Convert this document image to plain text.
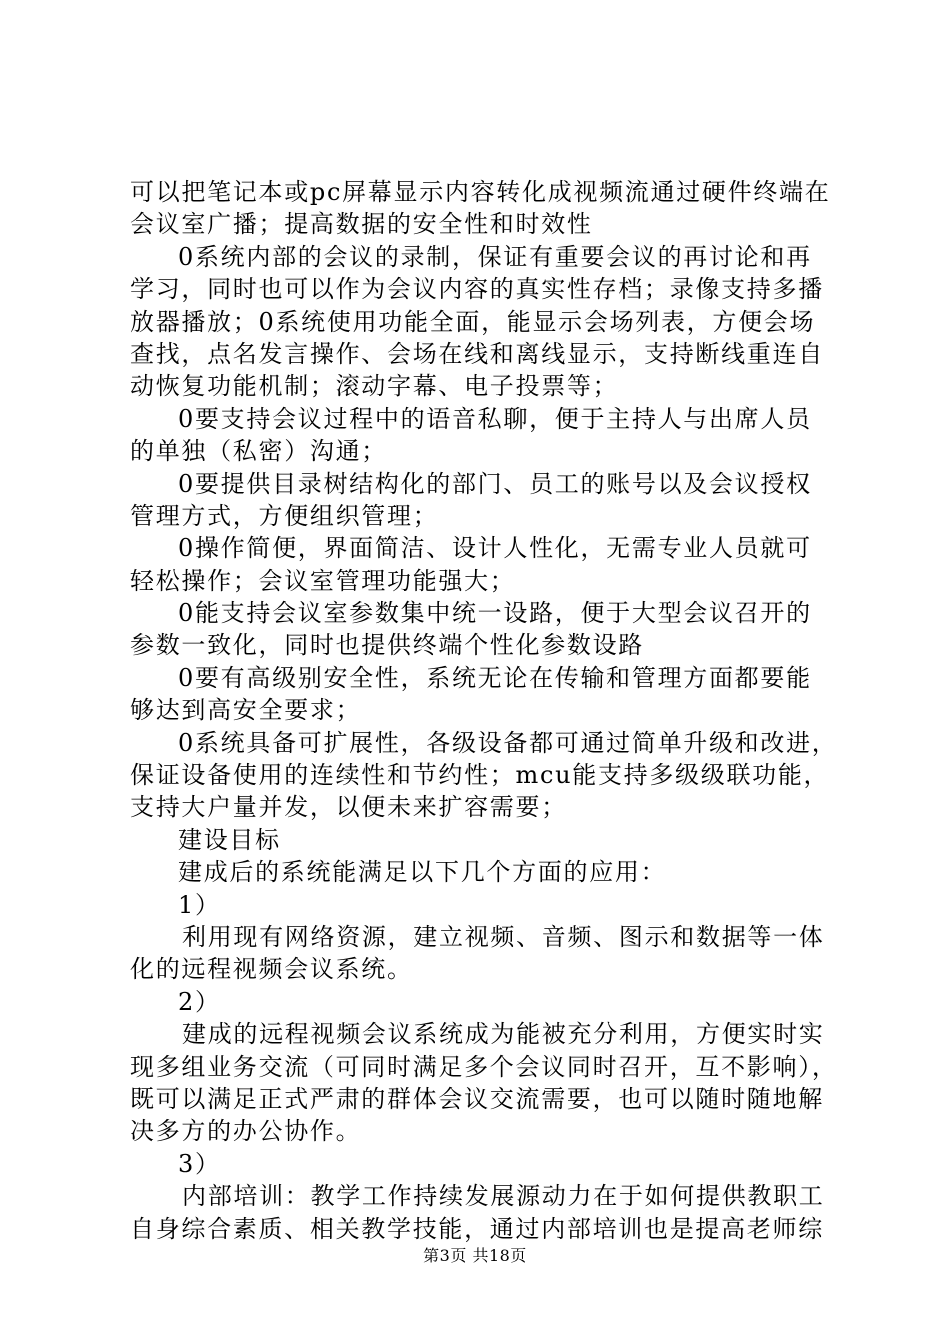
可以把笔记本或pc屏幕显示内容转化成视频流通过硬件终端在
会议室广播；提高数据的安全性和时效性
0系统内部的会议的录制，保证有重要会议的再讨论和再
学习，同时也可以作为会议内容的真实性存档；录像支持多播
放器播放；0系统使用功能全面，能显示会场列表，方便会场
查找，点名发言操作、会场在线和离线显示，支持断线重连自
动恢复功能机制；滚动字幕、电子投票等；
0要支持会议过程中的语音私聊，便于主持人与出席人员
的单独（私密）沟通；
0要提供目录树结构化的部门、员工的账号以及会议授权
管理方式，方便组织管理；
0操作简便，界面简洁、设计人性化，无需专业人员就可
轻松操作；会议室管理功能强大；
0能支持会议室参数集中统一设路，便于大型会议召开的
参数一致化，同时也提供终端个性化参数设路
0要有高级别安全性，系统无论在传输和管理方面都要能
够达到高安全要求；
0系统具备可扩展性，各级设备都可通过简单升级和改进，
保证设备使用的连续性和节约性；mcu能支持多级级联功能，
支持大户量并发，以便未来扩容需要；
建设目标
建成后的系统能满足以下几个方面的应用：
1）
利用现有网络资源，建立视频、音频、图示和数据等一体
化的远程视频会议系统。
2）
建成的远程视频会议系统成为能被充分利用，方便实时实
现多组业务交流（可同时满足多个会议同时召开，互不影响），
既可以满足正式严肃的群体会议交流需要，也可以随时随地解
决多方的办公协作。
3）
内部培训：教学工作持续发展源动力在于如何提供教职工
自身综合素质、相关教学技能，通过内部培训也是提高老师综
第3页 共18页
